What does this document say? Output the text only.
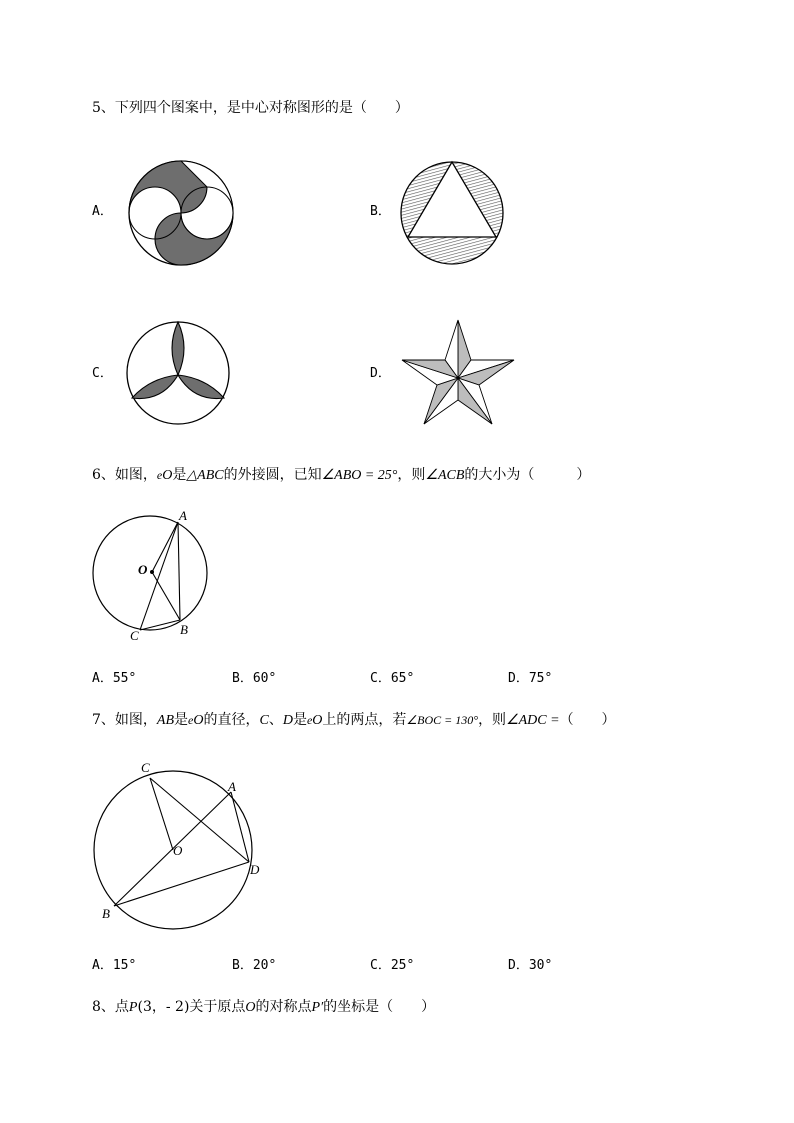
5、下列四个图案中，是中心对称图形的是（　　）
A．	B．
C．	D．
6、如图，eO是△ABC的外接圆，已知∠ABO = 25°，则∠ACB的大小为（　　　）
A
O
B
C
A．55°	B．60°	C．65°	D．75°
7、如图，AB是eO的直径，C、D是eO上的两点，若∠BOC = 130°，则∠ADC =（　　）
C
A
O
D
B
A．15°	B．20°	C．25°	D．30°
8、点P(3，- 2)关于原点O的对称点P′的坐标是（　　）
